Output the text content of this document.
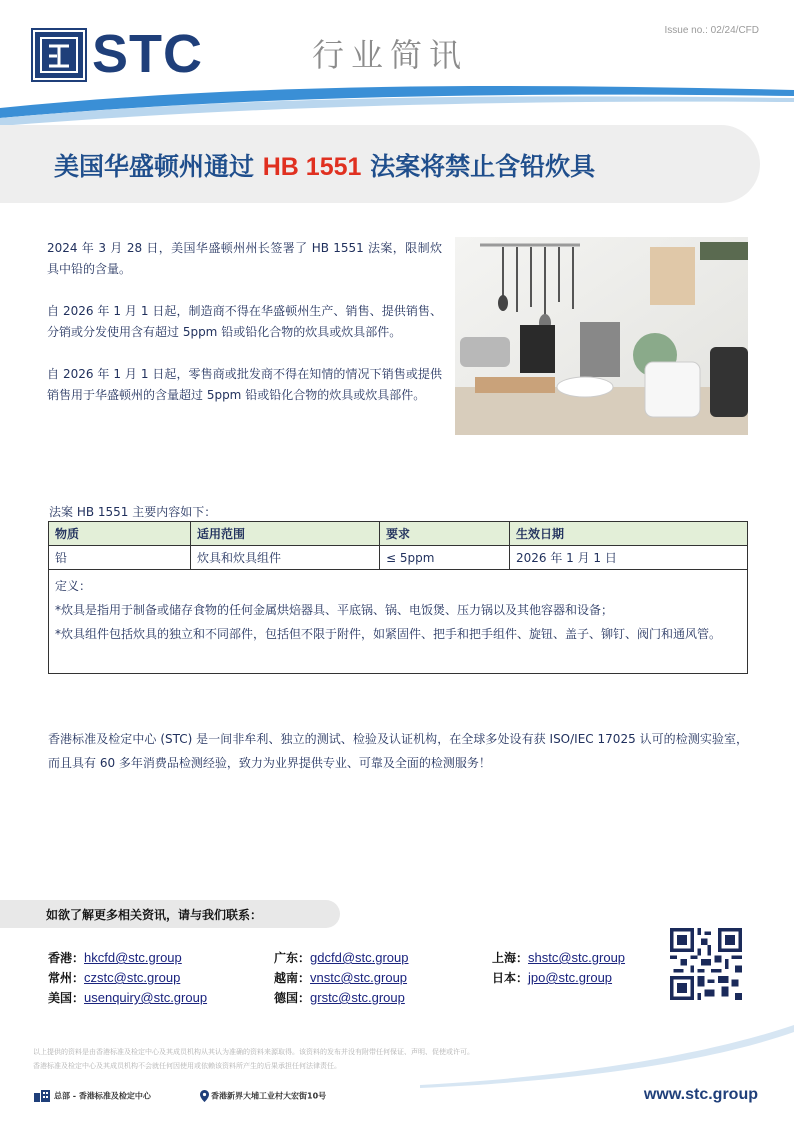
STC	行业简讯
Issue no.: 02/24/CFD
美国华盛顿州通过 HB 1551 法案将禁止含铅炊具

2024 年 3 月 28 日，美国华盛顿州州长签署了 HB 1551 法案，限制炊具中铅的含量。

自 2026 年 1 月 1 日起，制造商不得在华盛顿州生产、销售、提供销售、分销或分发使用含有超过 5ppm 铅或铅化合物的炊具或炊具部件。

自 2026 年 1 月 1 日起，零售商或批发商不得在知情的情况下销售或提供销售用于华盛顿州的含量超过 5ppm 铅或铅化合物的炊具或炊具部件。

法案 HB 1551 主要内容如下：
物质	适用范围	要求	生效日期
铅	炊具和炊具组件	≤ 5ppm	2026 年 1 月 1 日

定义：
*炊具是指用于制备或储存食物的任何金属烘焙器具、平底锅、锅、电饭煲、压力锅以及其他容器和设备；
*炊具组件包括炊具的独立和不同部件，包括但不限于附件，如紧固件、把手和把手组件、旋钮、盖子、铆钉、阀门和通风管。			
香港标准及检定中心 (STC) 是一间非牟利、独立的测试、检验及认证机构，在全球多处设有获 ISO/IEC 17025 认可的检测实验室，而且具有 60 多年消费品检测经验，致力为业界提供专业、可靠及全面的检测服务！
如欲了解更多相关资讯，请与我们联系：
香港：hkcfd@stc.group	广东：gdcfd@stc.group	上海：shstc@stc.group
常州：czstc@stc.group	越南：vnstc@stc.group	日本：jpo@stc.group
美国：usenquiry@stc.group	德国：grstc@stc.group
以上提供的资料是由香港标准及检定中心及其成员机构从其认为准确的资料来源取得。该资料的发布并没有附带任何保证、声明、促使或许可。
香港标准及检定中心及其成员机构不会就任何因使用或依赖该资料所产生的后果承担任何法律责任。
总部 - 香港标准及检定中心	香港新界大埔工业村大宏街10号	www.stc.group
